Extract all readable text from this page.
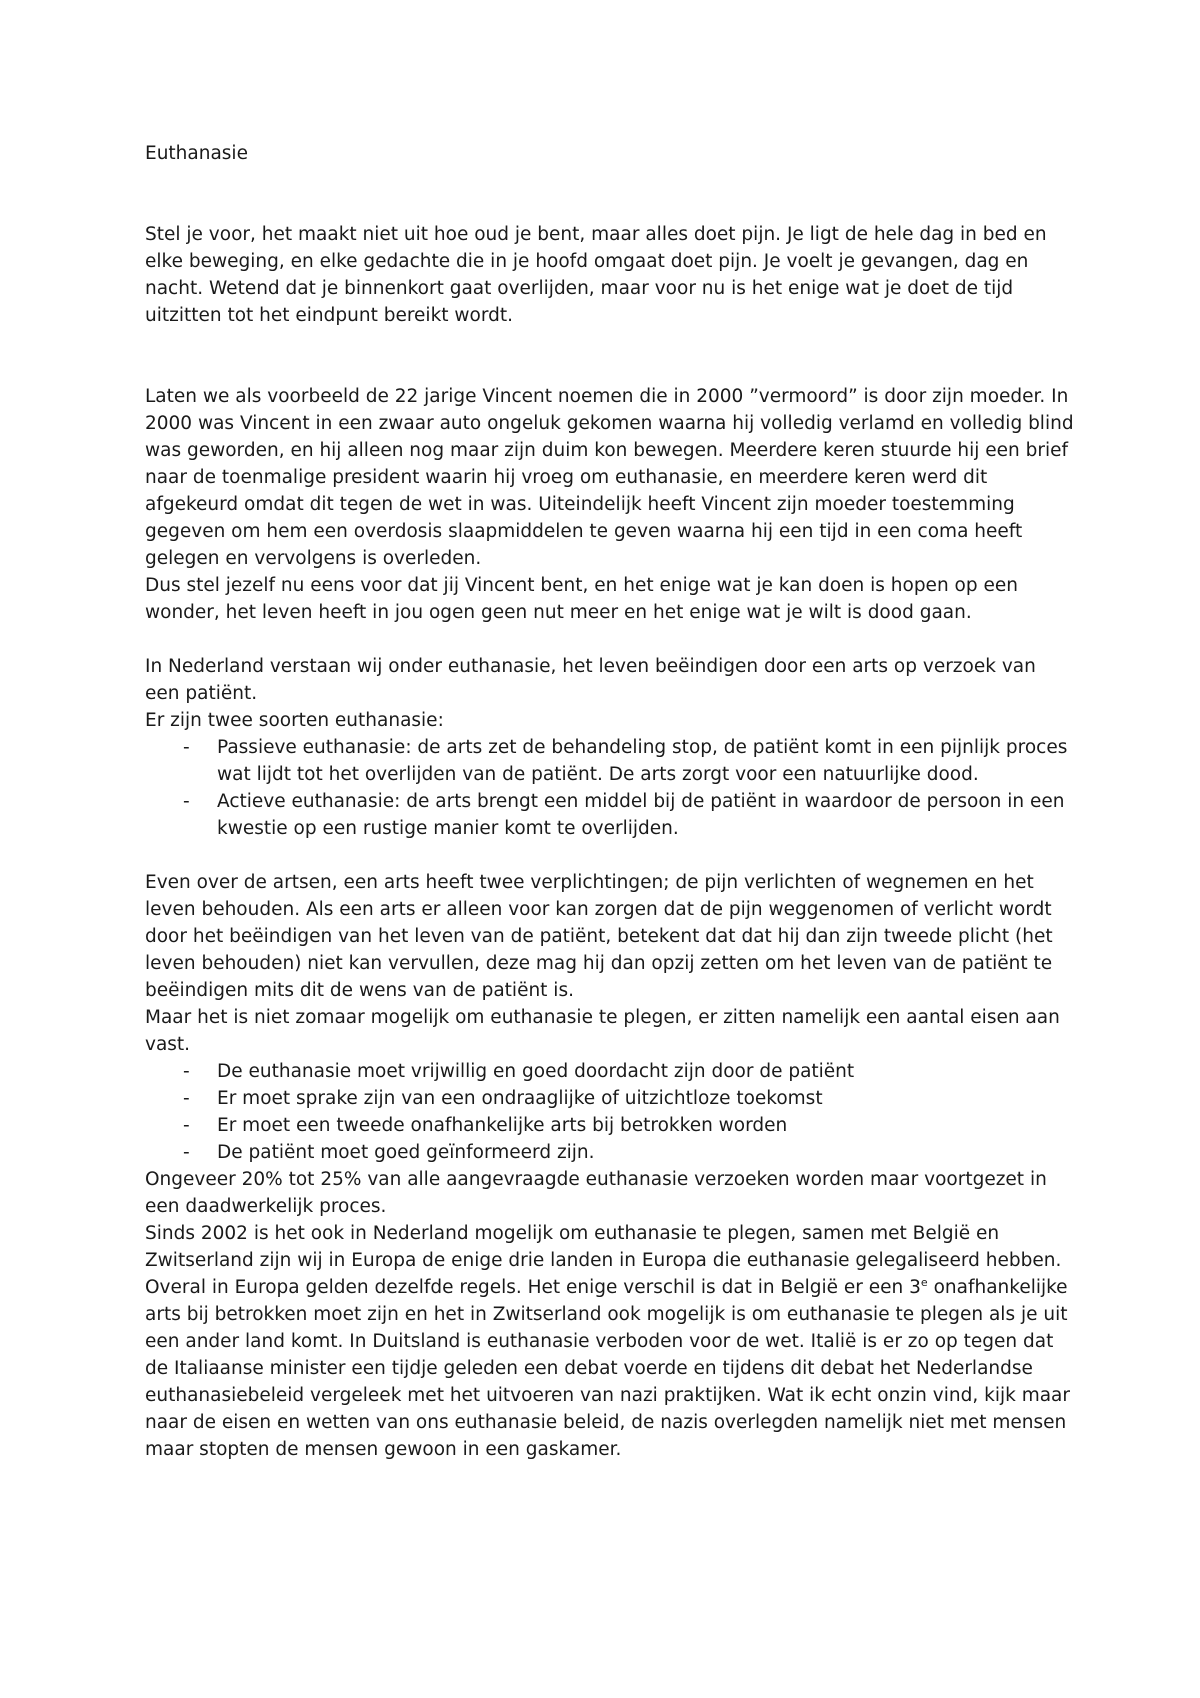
Euthanasie

Stel je voor, het maakt niet uit hoe oud je bent, maar alles doet pijn. Je ligt de hele dag in bed en elke beweging, en elke gedachte die in je hoofd omgaat doet pijn. Je voelt je gevangen, dag en nacht. Wetend dat je binnenkort gaat overlijden, maar voor nu is het enige wat je doet de tijd uitzitten tot het eindpunt bereikt wordt.

Laten we als voorbeeld de 22 jarige Vincent noemen die in 2000 ”vermoord” is door zijn moeder. In 2000 was Vincent in een zwaar auto ongeluk gekomen waarna hij volledig verlamd en volledig blind was geworden, en hij alleen nog maar zijn duim kon bewegen. Meerdere keren stuurde hij een brief naar de toenmalige president waarin hij vroeg om euthanasie, en meerdere keren werd dit afgekeurd omdat dit tegen de wet in was. Uiteindelijk heeft Vincent zijn moeder toestemming gegeven om hem een overdosis slaapmiddelen te geven waarna hij een tijd in een coma heeft gelegen en vervolgens is overleden.

Dus stel jezelf nu eens voor dat jij Vincent bent, en het enige wat je kan doen is hopen op een wonder, het leven heeft in jou ogen geen nut meer en het enige wat je wilt is dood gaan.

In Nederland verstaan wij onder euthanasie, het leven beëindigen door een arts op verzoek van een patiënt.

Er zijn twee soorten euthanasie:

- Passieve euthanasie: de arts zet de behandeling stop, de patiënt komt in een pijnlijk proces wat lijdt tot het overlijden van de patiënt. De arts zorgt voor een natuurlijke dood.
- Actieve euthanasie: de arts brengt een middel bij de patiënt in waardoor de persoon in een kwestie op een rustige manier komt te overlijden.

Even over de artsen, een arts heeft twee verplichtingen; de pijn verlichten of wegnemen en het leven behouden. Als een arts er alleen voor kan zorgen dat de pijn weggenomen of verlicht wordt door het beëindigen van het leven van de patiënt, betekent dat dat hij dan zijn tweede plicht (het leven behouden) niet kan vervullen, deze mag hij dan opzij zetten om het leven van de patiënt te beëindigen mits dit de wens van de patiënt is.

Maar het is niet zomaar mogelijk om euthanasie te plegen, er zitten namelijk een aantal eisen aan vast.

- De euthanasie moet vrijwillig en goed doordacht zijn door de patiënt
- Er moet sprake zijn van een ondraaglijke of uitzichtloze toekomst
- Er moet een tweede onafhankelijke arts bij betrokken worden
- De patiënt moet goed geïnformeerd zijn.

Ongeveer 20% tot 25% van alle aangevraagde euthanasie verzoeken worden maar voortgezet in een daadwerkelijk proces.

Sinds 2002 is het ook in Nederland mogelijk om euthanasie te plegen, samen met België en Zwitserland zijn wij in Europa de enige drie landen in Europa die euthanasie gelegaliseerd hebben.

Overal in Europa gelden dezelfde regels. Het enige verschil is dat in België er een 3e onafhankelijke arts bij betrokken moet zijn en het in Zwitserland ook mogelijk is om euthanasie te plegen als je uit een ander land komt. In Duitsland is euthanasie verboden voor de wet. Italië is er zo op tegen dat de Italiaanse minister een tijdje geleden een debat voerde en tijdens dit debat het Nederlandse euthanasiebeleid vergeleek met het uitvoeren van nazi praktijken. Wat ik echt onzin vind, kijk maar naar de eisen en wetten van ons euthanasie beleid, de nazis overlegden namelijk niet met mensen maar stopten de mensen gewoon in een gaskamer.
